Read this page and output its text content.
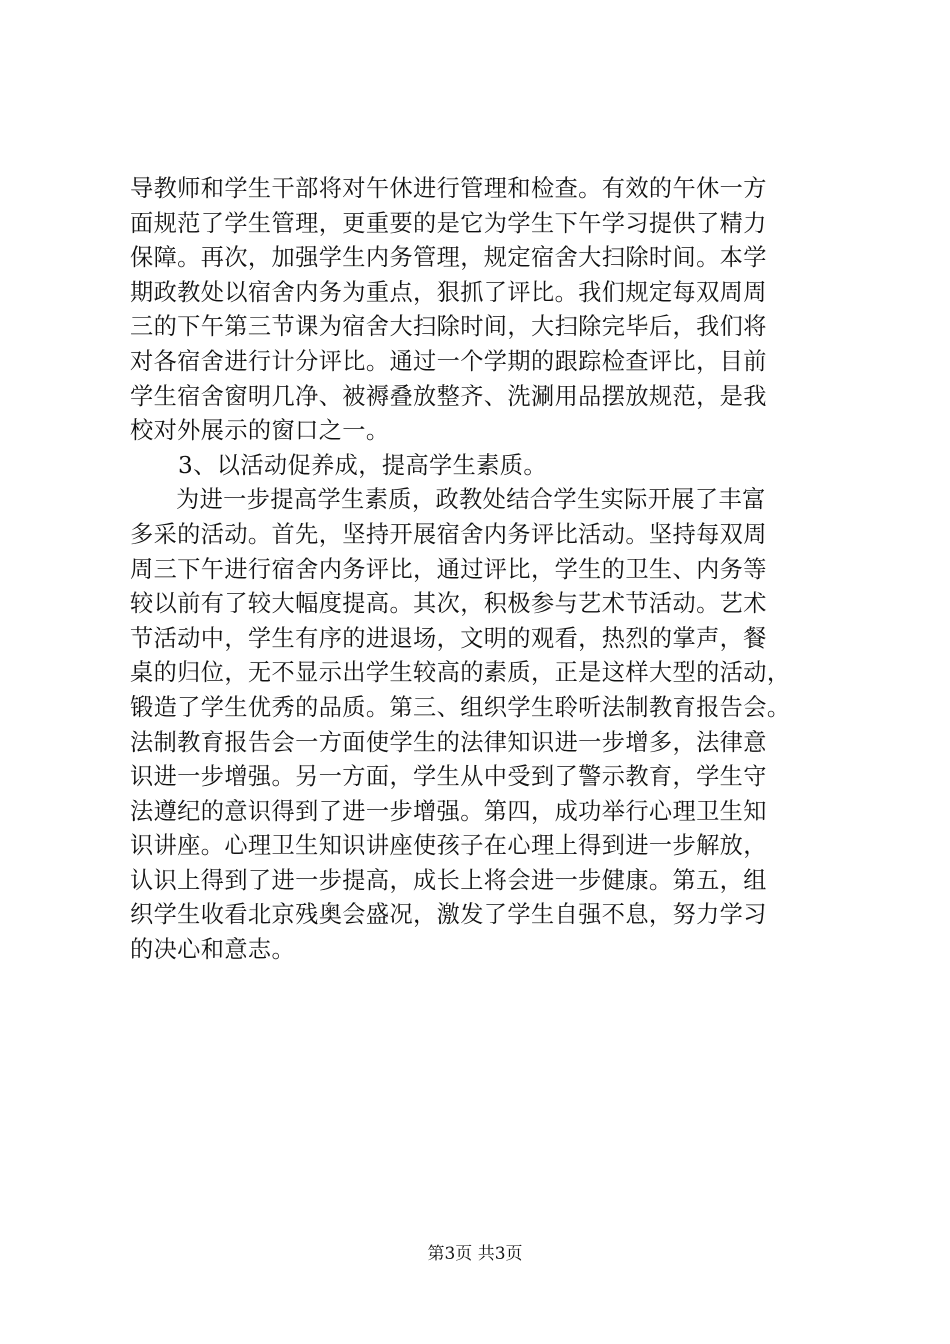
导教师和学生干部将对午休进行管理和检查。有效的午休一方
面规范了学生管理，更重要的是它为学生下午学习提供了精力
保障。再次，加强学生内务管理，规定宿舍大扫除时间。本学
期政教处以宿舍内务为重点，狠抓了评比。我们规定每双周周
三的下午第三节课为宿舍大扫除时间，大扫除完毕后，我们将
对各宿舍进行计分评比。通过一个学期的跟踪检查评比，目前
学生宿舍窗明几净、被褥叠放整齐、洗涮用品摆放规范，是我
校对外展示的窗口之一。
3、以活动促养成，提高学生素质。
为进一步提高学生素质，政教处结合学生实际开展了丰富
多采的活动。首先，坚持开展宿舍内务评比活动。坚持每双周
周三下午进行宿舍内务评比，通过评比，学生的卫生、内务等
较以前有了较大幅度提高。其次，积极参与艺术节活动。艺术
节活动中，学生有序的进退场，文明的观看，热烈的掌声，餐
桌的归位，无不显示出学生较高的素质，正是这样大型的活动，
锻造了学生优秀的品质。第三、组织学生聆听法制教育报告会。
法制教育报告会一方面使学生的法律知识进一步增多，法律意
识进一步增强。另一方面，学生从中受到了警示教育，学生守
法遵纪的意识得到了进一步增强。第四，成功举行心理卫生知
识讲座。心理卫生知识讲座使孩子在心理上得到进一步解放，
认识上得到了进一步提高，成长上将会进一步健康。第五，组
织学生收看北京残奥会盛况，激发了学生自强不息，努力学习
的决心和意志。
第3页 共3页
